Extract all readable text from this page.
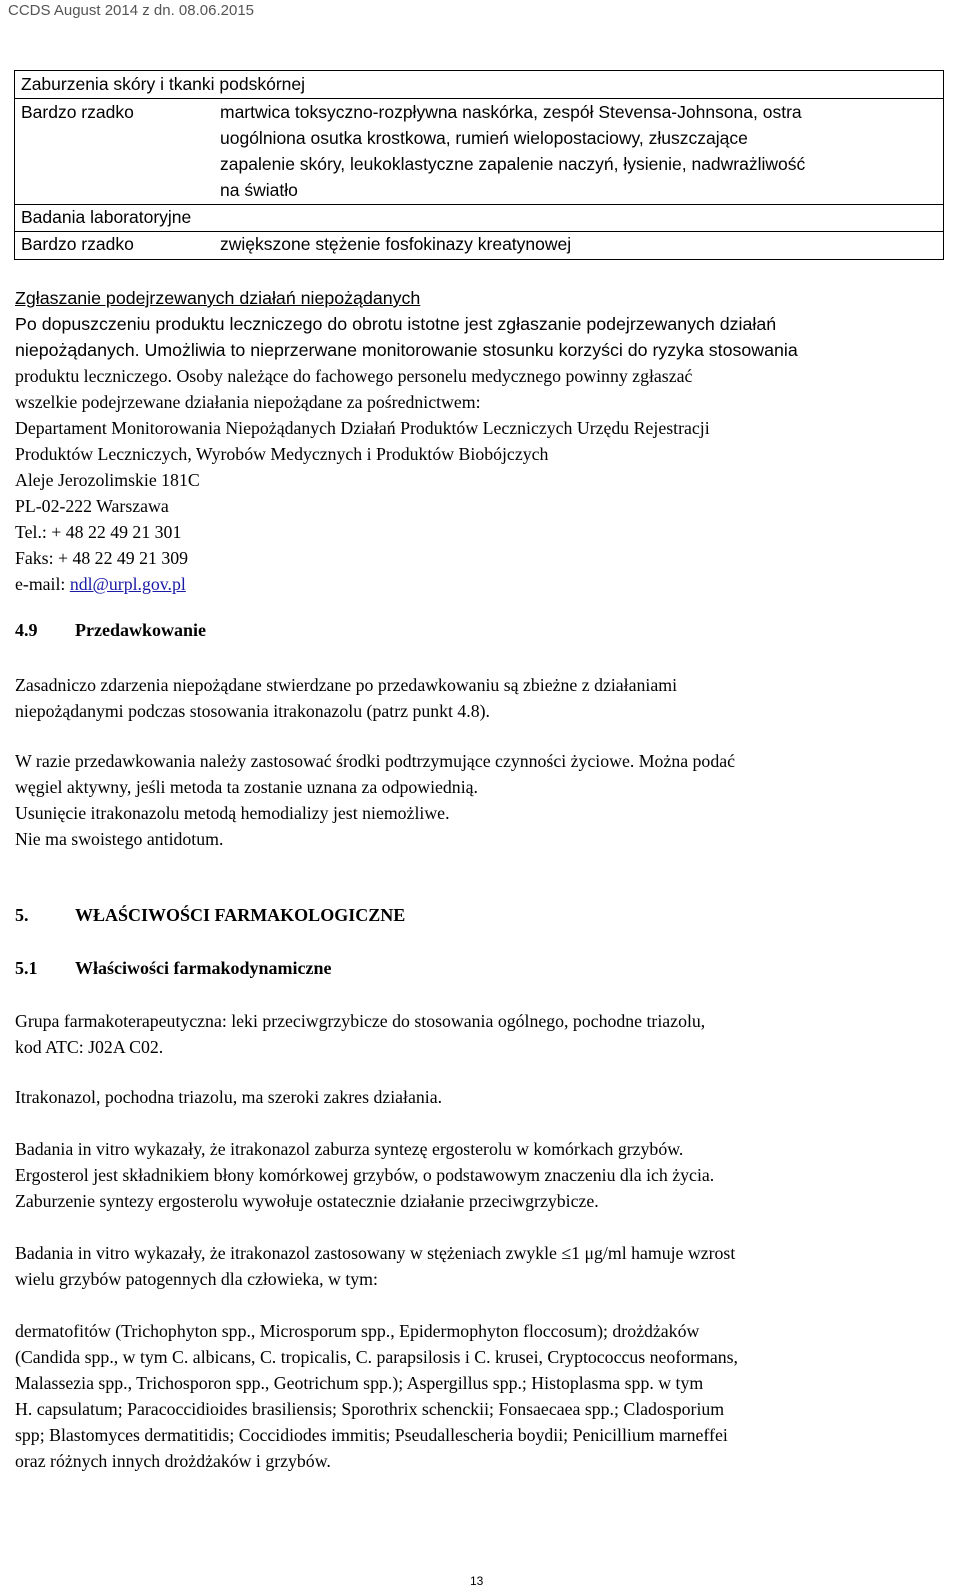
CCDS August 2014 z dn. 08.06.2015
Zaburzenia skóry i tkanki podskórnej
Bardzo rzadko	martwica toksyczno-rozpływna naskórka, zespół Stevensa-Johnsona, ostra
uogólniona osutka krostkowa, rumień wielopostaciowy, złuszczające
zapalenie skóry, leukoklastyczne zapalenie naczyń, łysienie, nadwrażliwość
na światło
Badania laboratoryjne
Bardzo rzadko	zwiększone stężenie fosfokinazy kreatynowej
Zgłaszanie podejrzewanych działań niepożądanych
Po dopuszczeniu produktu leczniczego do obrotu istotne jest zgłaszanie podejrzewanych działań
niepożądanych. Umożliwia to nieprzerwane monitorowanie stosunku korzyści do ryzyka stosowania
produktu leczniczego. Osoby należące do fachowego personelu medycznego powinny zgłaszać
wszelkie podejrzewane działania niepożądane za pośrednictwem:
Departament Monitorowania Niepożądanych Działań Produktów Leczniczych Urzędu Rejestracji
Produktów Leczniczych, Wyrobów Medycznych i Produktów Biobójczych
Aleje Jerozolimskie 181C
PL-02-222 Warszawa
Tel.: + 48 22 49 21 301
Faks: + 48 22 49 21 309
e-mail: ndl@urpl.gov.pl
4.9 Przedawkowanie
Zasadniczo zdarzenia niepożądane stwierdzane po przedawkowaniu są zbieżne z działaniami
niepożądanymi podczas stosowania itrakonazolu (patrz punkt 4.8).
W razie przedawkowania należy zastosować środki podtrzymujące czynności życiowe. Można podać
węgiel aktywny, jeśli metoda ta zostanie uznana za odpowiednią.
Usunięcie itrakonazolu metodą hemodializy jest niemożliwe.
Nie ma swoistego antidotum.
5.	WŁAŚCIWOŚCI FARMAKOLOGICZNE
5.1 Właściwości farmakodynamiczne
Grupa farmakoterapeutyczna: leki przeciwgrzybicze do stosowania ogólnego, pochodne triazolu,
kod ATC: J02A C02.
Itrakonazol, pochodna triazolu, ma szeroki zakres działania.
Badania in vitro wykazały, że itrakonazol zaburza syntezę ergosterolu w komórkach grzybów.
Ergosterol jest składnikiem błony komórkowej grzybów, o podstawowym znaczeniu dla ich życia.
Zaburzenie syntezy ergosterolu wywołuje ostatecznie działanie przeciwgrzybicze.
Badania in vitro wykazały, że itrakonazol zastosowany w stężeniach zwykle ≤1 μg/ml hamuje wzrost
wielu grzybów patogennych dla człowieka, w tym:
dermatofitów (Trichophyton spp., Microsporum spp., Epidermophyton floccosum); drożdżaków
(Candida spp., w tym C. albicans, C. tropicalis, C. parapsilosis i C. krusei, Cryptococcus neoformans,
Malassezia spp., Trichosporon spp., Geotrichum spp.); Aspergillus spp.; Histoplasma spp. w tym
H. capsulatum; Paracoccidioides brasiliensis; Sporothrix schenckii; Fonsaecaea spp.; Cladosporium
spp; Blastomyces dermatitidis; Coccidiodes immitis; Pseudallescheria boydii; Penicillium marneffei
oraz różnych innych drożdżaków i grzybów.
13
